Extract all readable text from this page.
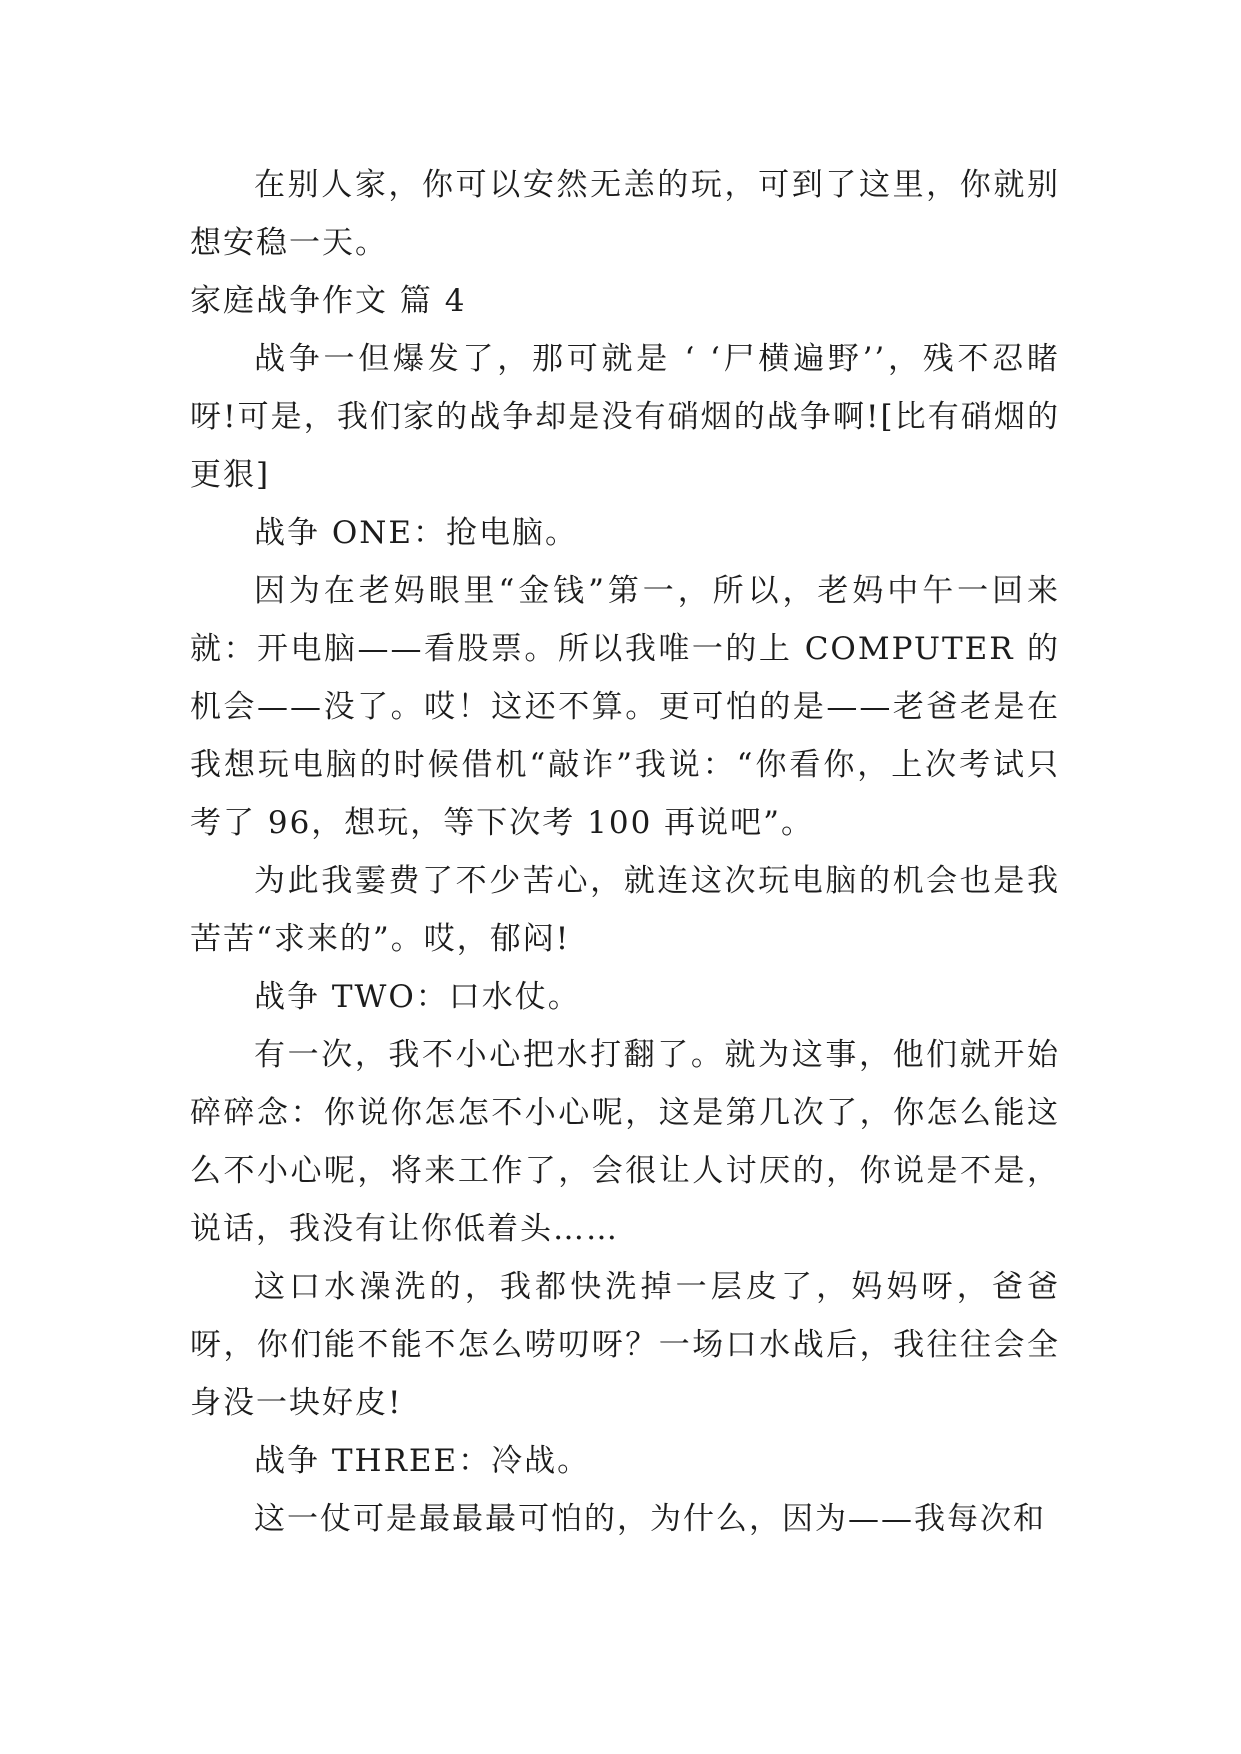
在别人家，你可以安然无恙的玩，可到了这里，你就别想安稳一天。

家庭战争作文 篇 4

战争一但爆发了，那可就是 ‘ ‘尸横遍野’’，残不忍睹呀!可是，我们家的战争却是没有硝烟的战争啊![比有硝烟的更狠]

战争 ONE：抢电脑。

因为在老妈眼里“金钱”第一，所以，老妈中午一回来就：开电脑——看股票。所以我唯一的上 COMPUTER 的机会——没了。哎！这还不算。更可怕的是——老爸老是在我想玩电脑的时候借机“敲诈”我说：“你看你，上次考试只考了 96，想玩，等下次考 100 再说吧”。

为此我霎费了不少苦心，就连这次玩电脑的机会也是我苦苦“求来的”。哎，郁闷!

战争 TWO：口水仗。

有一次，我不小心把水打翻了。就为这事，他们就开始碎碎念：你说你怎怎不小心呢，这是第几次了，你怎么能这么不小心呢，将来工作了，会很让人讨厌的，你说是不是，说话，我没有让你低着头……

这口水澡洗的，我都快洗掉一层皮了，妈妈呀，爸爸呀，你们能不能不怎么唠叨呀？一场口水战后，我往往会全身没一块好皮!

战争 THREE：冷战。

这一仗可是最最最可怕的，为什么，因为——我每次和
